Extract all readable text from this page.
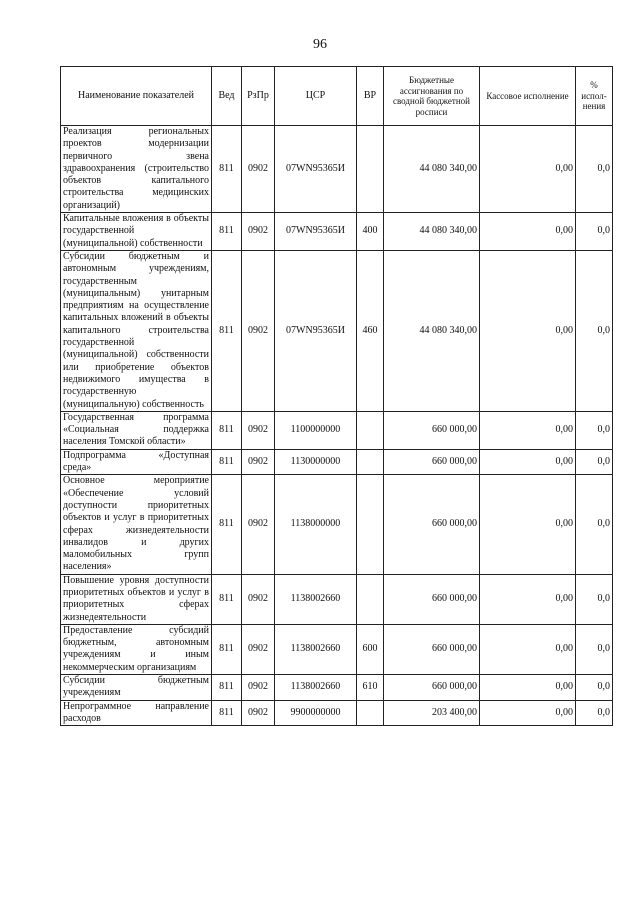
96
Наименование показателей	Вед	РзПр	ЦСР	ВР	Бюджетные ассигнования по сводной бюджетной росписи	Кассовое исполнение	% испол-нения
Реализация региональных проектов модернизации первичного звена здравоохранения (строительство объектов капитального строительства медицинских организаций)	811	0902	07WN95365И		44 080 340,00	0,00	0,0
Капитальные вложения в объекты государственной (муниципальной) собственности	811	0902	07WN95365И	400	44 080 340,00	0,00	0,0
Субсидии бюджетным и автономным учреждениям, государственным (муниципальным) унитарным предприятиям на осуществление капитальных вложений в объекты капитального строительства государственной (муниципальной) собственности или приобретение объектов недвижимого имущества в государственную (муниципальную) собственность	811	0902	07WN95365И	460	44 080 340,00	0,00	0,0
Государственная программа «Социальная поддержка населения Томской области»	811	0902	1100000000		660 000,00	0,00	0,0
Подпрограмма «Доступная среда»	811	0902	1130000000		660 000,00	0,00	0,0
Основное мероприятие «Обеспечение условий доступности приоритетных объектов и услуг в приоритетных сферах жизнедеятельности инвалидов и других маломобильных групп населения»	811	0902	1138000000		660 000,00	0,00	0,0
Повышение уровня доступности приоритетных объектов и услуг в приоритетных сферах жизнедеятельности	811	0902	1138002660		660 000,00	0,00	0,0
Предоставление субсидий бюджетным, автономным учреждениям и иным некоммерческим организациям	811	0902	1138002660	600	660 000,00	0,00	0,0
Субсидии бюджетным учреждениям	811	0902	1138002660	610	660 000,00	0,00	0,0
Непрограммное направление расходов	811	0902	9900000000		203 400,00	0,00	0,0
